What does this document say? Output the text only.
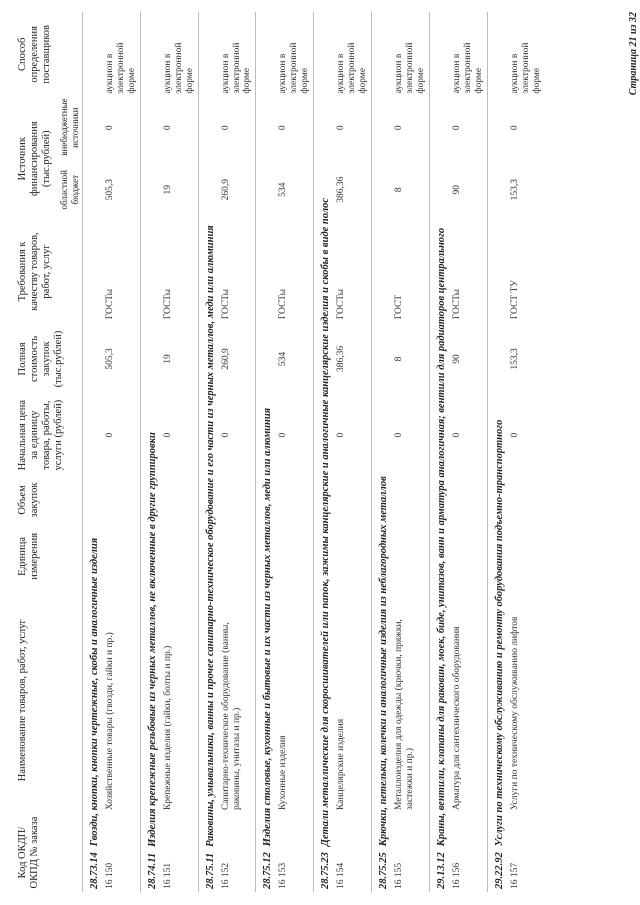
Код ОКДП/ ОКПД № заказа	Наименование товаров, работ, услуг	Единица измерения	Объем закупок	Начальная цена за единицу товара, работы, услуги (рублей)	Полная стоимость закупок (тыс.рублей)	Требования к качеству товаров, работ, услуг	Источник финансирования (тыс.рублей)		Способ определения поставщиков
							областной бюджет	внебюджетные источники	
28.73.14Гвозди, кнопки, кнопки чертежные, скобы и аналогичные изделия									
16 150	Хозяйственные товары (гвозди, гайки и пр.)			0	505,3	ГОСТы	505,3	0	аукцион в электронной форме
28.74.11Изделия крепежные резьбовые из черных металлов, не включенные в другие группировки									
16 151	Крепежные изделия (гайки, болты и пр.)			0	19	ГОСТы	19	0	аукцион в электронной форме
28.75.11Раковины, умывальники, ванны и прочее санитарно-техническое оборудование и его части из черных металлов, меди или алюминия									
16 152	Санитарно-техническое оборудование (ванны, раковины, унитазы и пр.)			0	260,9	ГОСТы	260,9	0	аукцион в электронной форме
28.75.12Изделия столовые, кухонные и бытовые и их части из черных металлов, меди или алюминия									
16 153	Кухонные изделия			0	534	ГОСТы	534	0	аукцион в электронной форме
28.75.23Детали металлические для скоросшивателей или папок, зажимы канцелярские и аналогичные канцелярские изделия и скобы в виде полос									
16 154	Канцелярские изделия			0	386,36	ГОСТы	386,36	0	аукцион в электронной форме
28.75.25Крючки, петельки, колечки и аналогичные изделия из неблагородных металлов									
16 155	Металлоизделия для одежды (крючки, пряжки, застежки и пр.)			0	8	ГОСТ	8	0	аукцион в электронной форме
29.13.12Краны, вентили, клапаны для раковин, моек, биде, унитазов, ванн и арматура аналогичная; вентили для радиаторов центрального									
16 156	Арматура для сантехнического оборудования			0	90	ГОСТы	90	0	аукцион в электронной форме
29.22.92Услуги по техническому обслуживанию и ремонту оборудования подъемно-транспортного									
16 157	Услуги по техническому обслуживанию лифтов			0	153,3	ГОСТ ТУ	153,3	0	аукцион в электронной форме	Страница 21 из 32
